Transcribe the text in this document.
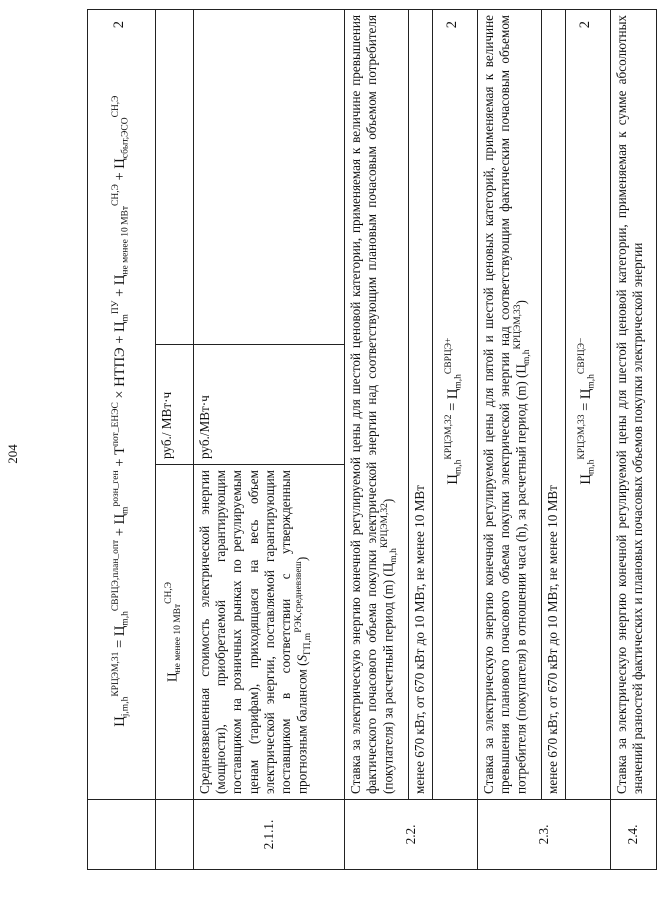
204

	2
$Ц_{j,m,h}^{КРЦЭМ,31} = Ц_{m,h}^{СВРЦЭ,план\_опт} + Ц_m^{розн\_ген} + Т^{пот\_ЕНЭС}$ × НТПЭ + $Ц_m^{ПУ} + Ц_{не менее 10 МВт}^{СН,Э} + Ц_{сбыт,ЭСО}^{СН,Э}$
	$Ц_{не менее 10 МВт}^{СН,Э}$	руб./ МВт·ч	
2.1.1.	Средневзвешенная стоимость электрической энергии (мощности), приобретаемой гарантирующим поставщиком на розничных рынках по регулируемым ценам (тарифам), приходящаяся на весь объем электрической энергии, поставляемой гарантирующим поставщиком в соответствии с утвержденным прогнозным балансом $(S_{ГП,m}^{РЭК,средневзвеш})$	руб./МВт·ч	
2.2.	Ставка за электрическую энергию конечной регулируемой цены для шестой ценовой категории, применяемая к величине превышения фактического почасового объема покупки электрической энергии над соответствующим плановым почасовым объемом потребителя (покупателя) за расчетный период (m) $(Ц_{m,h}^{КРЦЭМ,32})$		
	менее 670 кВт, от 670 кВт до 10 МВт, не менее 10 МВт		

	2
$Ц_{m,h}^{КРЦЭМ,32} = Ц_{m,h}^{СВРЦЭ+}$
2.3.	Ставка за электрическую энергию конечной регулируемой цены для пятой и шестой ценовых категорий, применяемая к величине превышения планового почасового объема покупки электрической энергии над соответствующим фактическим почасовым объемом потребителя (покупателя) в отношении часа (h), за расчетный период (m) $(Ц_{m,h}^{КРЦЭМ,33})$		
	менее 670 кВт, от 670 кВт до 10 МВт, не менее 10 МВт		

	2
$Ц_{m,h}^{КРЦЭМ,33} = Ц_{m,h}^{СВРЦЭ-}$
2.4.	Ставка за электрическую энергию конечной регулируемой цены для шестой ценовой категории, применяемая к сумме абсолютных значений разностей фактических и плановых почасовых объемов покупки электрической энергии		
